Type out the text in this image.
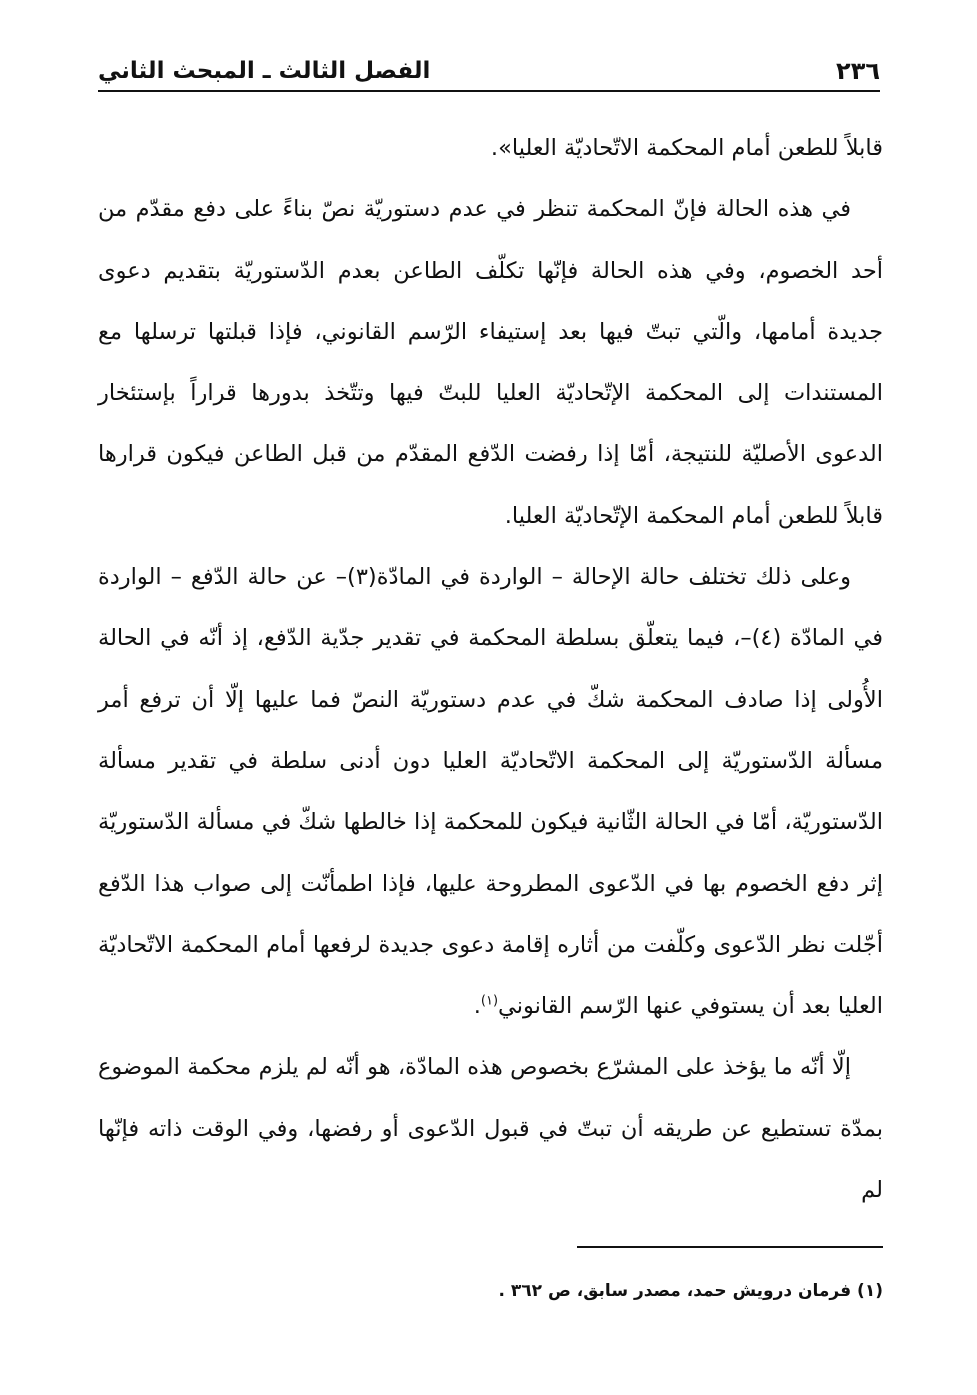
٢٣٦
الفصل الثالث ـ المبحث الثاني

قابلاً للطعن أمام المحكمة الاتّحاديّة العليا».

في هذه الحالة فإنّ المحكمة تنظر في عدم دستوريّة نصّ بناءً على دفع مقدّم من أحد الخصوم، وفي هذه الحالة فإنّها تكلّف الطاعن بعدم الدّستوريّة بتقديم دعوى جديدة أمامها، والّتي تبتّ فيها بعد إستيفاء الرّسم القانوني، فإذا قبلتها ترسلها مع المستندات إلى المحكمة الإتّحاديّة العليا للبتّ فيها وتتّخذ بدورها قراراً بإستئخار الدعوى الأصليّة للنتيجة، أمّا إذا رفضت الدّفع المقدّم من قبل الطاعن فيكون قرارها قابلاً للطعن أمام المحكمة الإتّحاديّة العليا.

وعلى ذلك تختلف حالة الإحالة – الواردة في المادّة(٣)– عن حالة الدّفع – الواردة في المادّة (٤)–، فيما يتعلّق بسلطة المحكمة في تقدير جدّية الدّفع، إذ أنّه في الحالة الأُولى إذا صادف المحكمة شكّ في عدم دستوريّة النصّ فما عليها إلّا أن ترفع أمر مسألة الدّستوريّة إلى المحكمة الاتّحاديّة العليا دون أدنى سلطة في تقدير مسألة الدّستوريّة، أمّا في الحالة الثّانية فيكون للمحكمة إذا خالطها شكّ في مسألة الدّستوريّة إثر دفع الخصوم بها في الدّعوى المطروحة عليها، فإذا اطمأنّت إلى صواب هذا الدّفع أجّلت نظر الدّعوى وكلّفت من أثاره إقامة دعوى جديدة لرفعها أمام المحكمة الاتّحاديّة العليا بعد أن يستوفي عنها الرّسم القانوني$^{(١)}$.

إلّا أنّه ما يؤخذ على المشرّع بخصوص هذه المادّة، هو أنّه لم يلزم محكمة الموضوع بمدّة تستطيع عن طريقه أن تبتّ في قبول الدّعوى أو رفضها، وفي الوقت ذاته فإنّها لم

(١) فرمان درويش حمد، مصدر سابق، ص ٣٦٢ .
